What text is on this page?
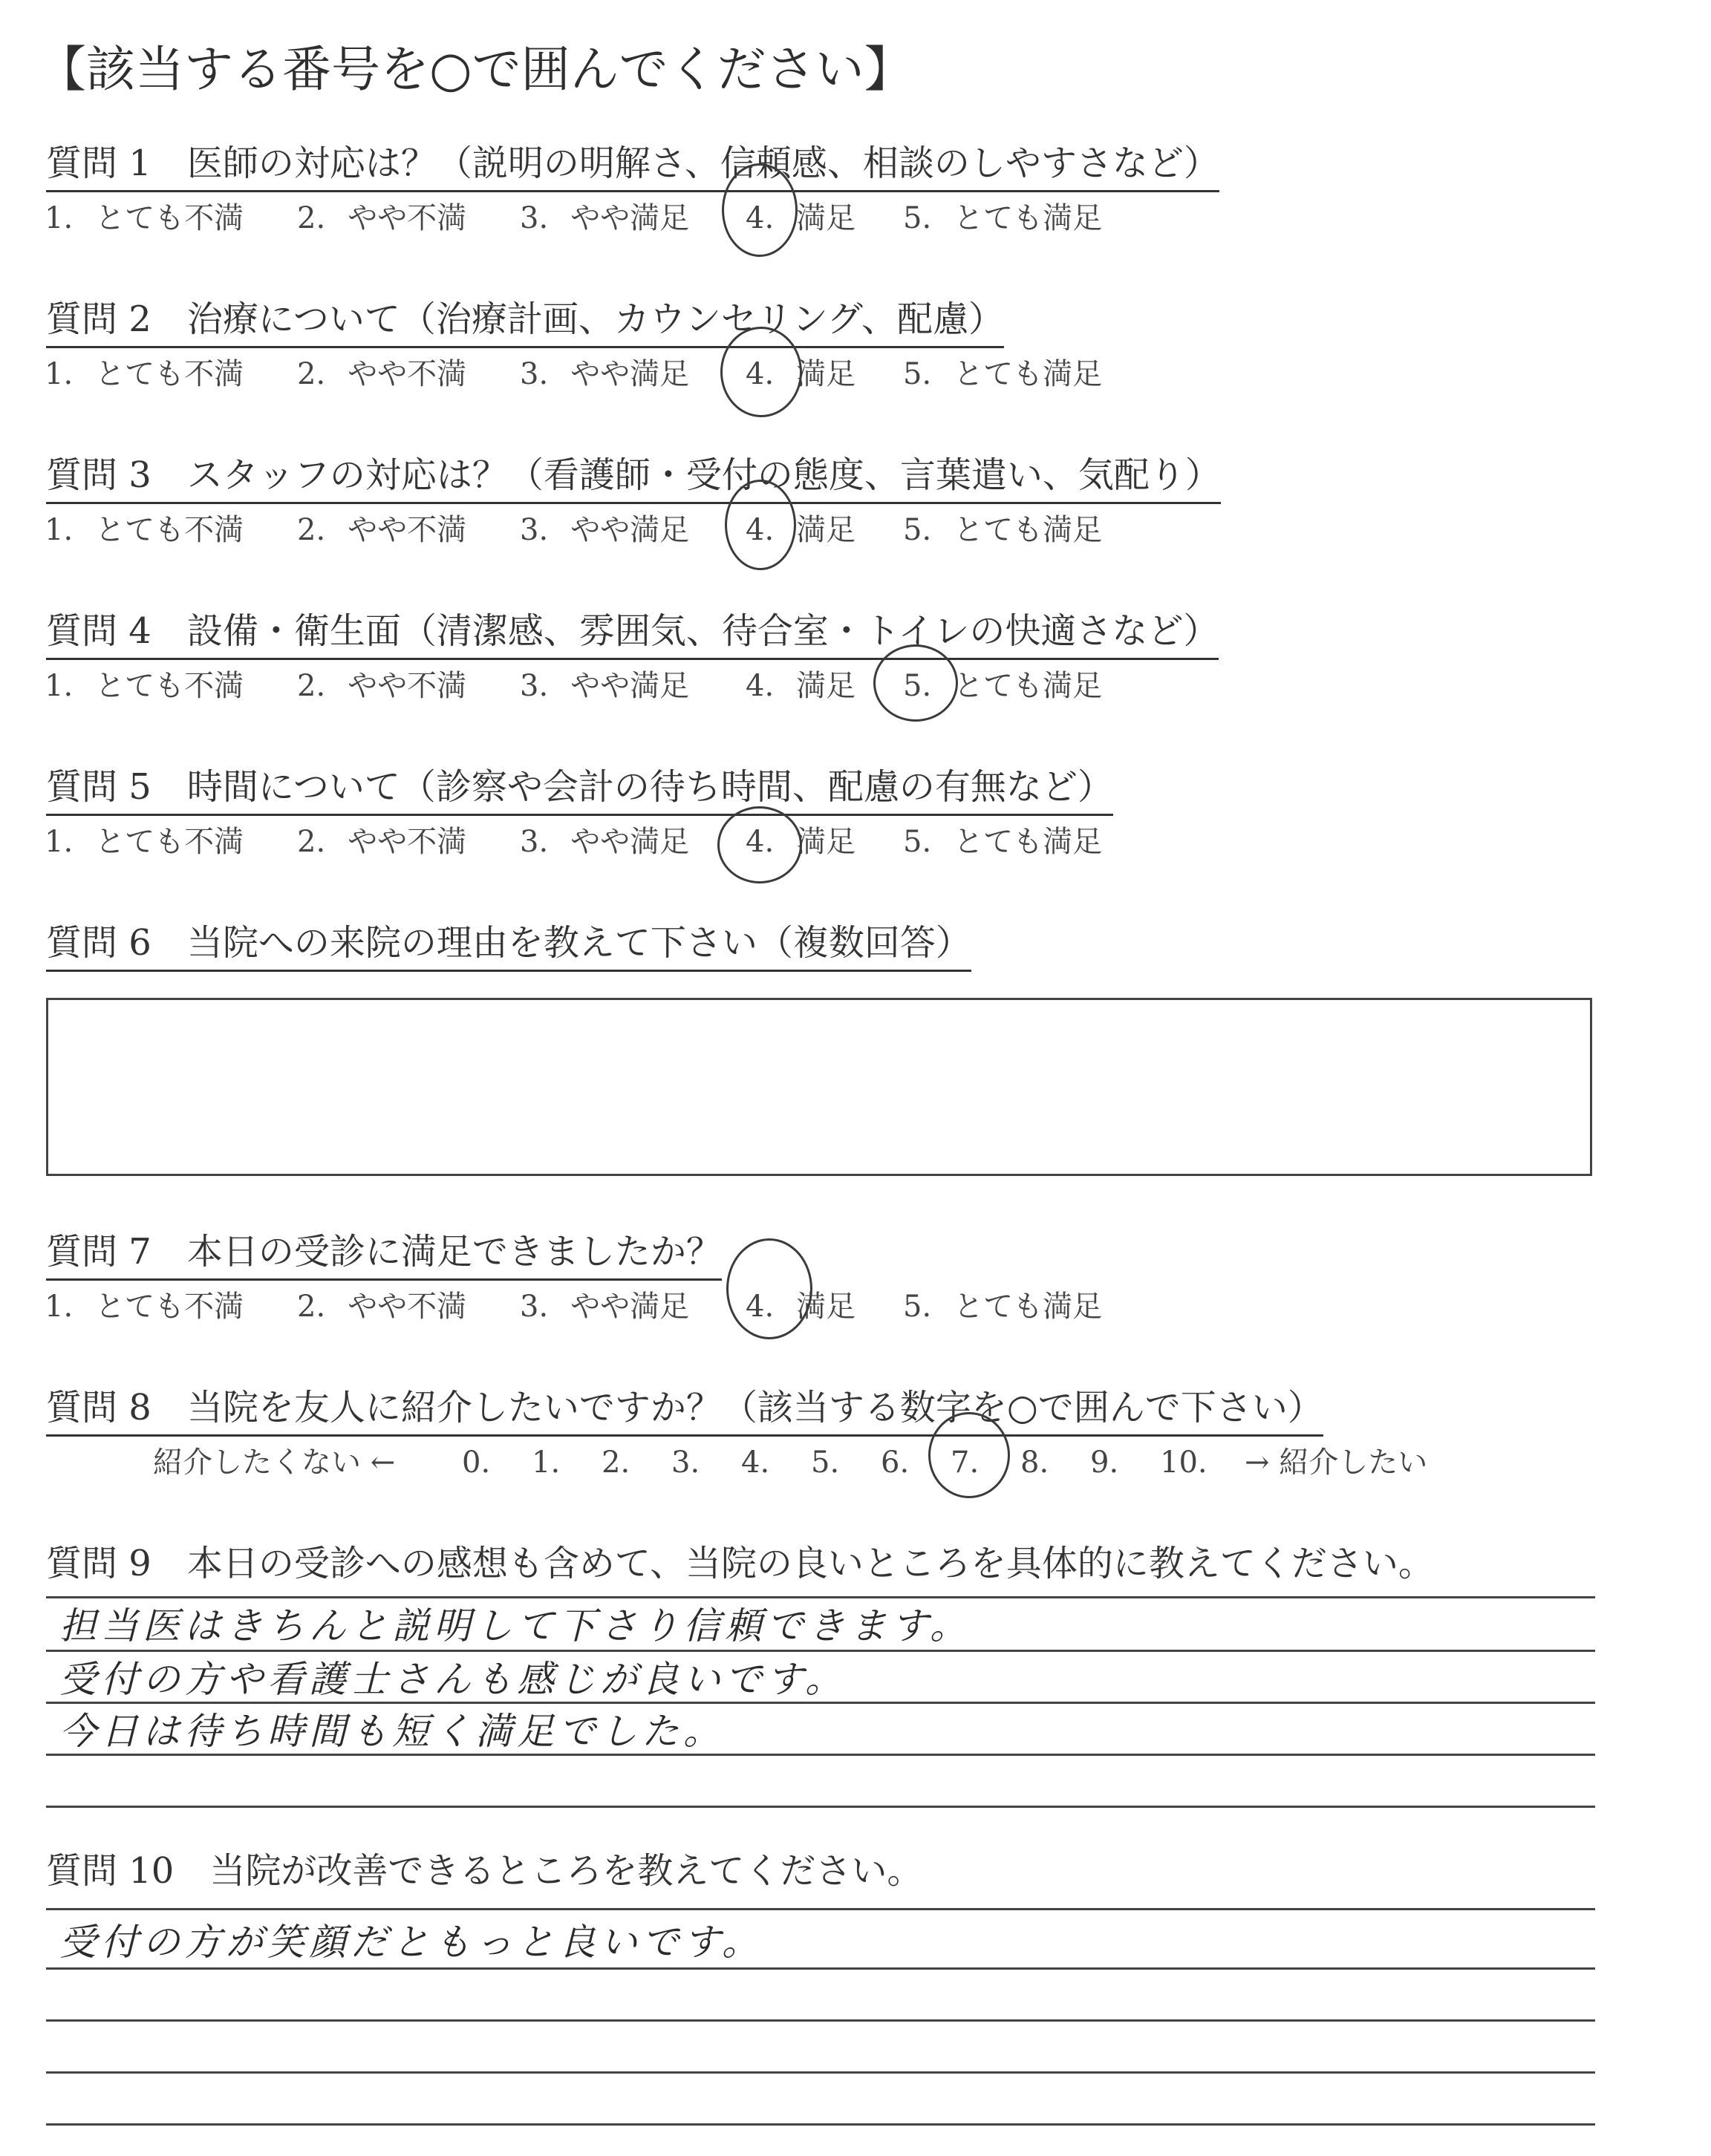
【該当する番号を○で囲んでください】
質問 1 医師の対応は？（説明の明解さ、信頼感、相談のしやすさなど）
1. とても不満 2. やや不満 3. やや満足 4. 満足 5. とても満足
質問 2 治療について（治療計画、カウンセリング、配慮）
1. とても不満 2. やや不満 3. やや満足 4. 満足 5. とても満足
質問 3 スタッフの対応は？（看護師・受付の態度、言葉遣い、気配り）
1. とても不満 2. やや不満 3. やや満足 4. 満足 5. とても満足
質問 4 設備・衛生面（清潔感、雰囲気、待合室・トイレの快適さなど）
1. とても不満 2. やや不満 3. やや満足 4. 満足 5. とても満足
質問 5 時間について（診察や会計の待ち時間、配慮の有無など）
1. とても不満 2. やや不満 3. やや満足 4. 満足 5. とても満足
質問 6 当院への来院の理由を教えて下さい（複数回答）
質問 7 本日の受診に満足できましたか？
1. とても不満 2. やや不満 3. やや満足 4. 満足 5. とても満足
質問 8 当院を友人に紹介したいですか？（該当する数字を○で囲んで下さい）
紹介したくない ← 0. 1. 2. 3. 4. 5. 6. 7. 8. 9. 10. → 紹介したい
質問 9 本日の受診への感想も含めて、当院の良いところを具体的に教えてください。
担当医はきちんと説明して下さり信頼できます。
受付の方や看護士さんも感じが良いです。
今日は待ち時間も短く満足でした。
質問 10 当院が改善できるところを教えてください。
受付の方が笑顔だともっと良いです。
